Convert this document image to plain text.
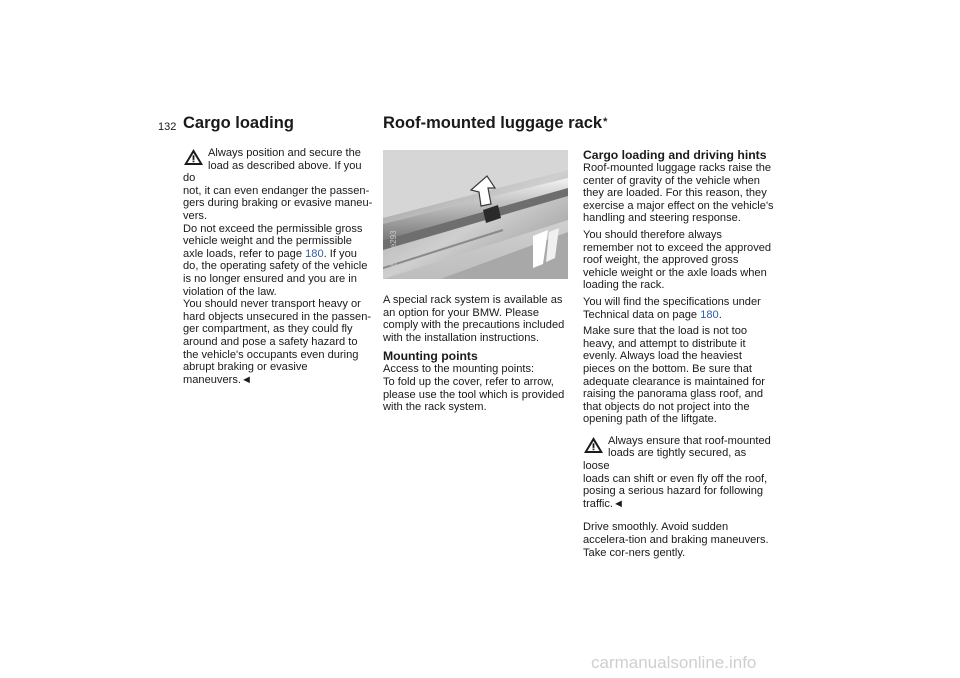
132 Cargo loading	Roof-mounted luggage rack*

Always position and secure the

load as described above. If you do

not, it can even endanger the passen-gers during braking or evasive maneu-vers.

Do not exceed the permissible gross vehicle weight and the permissible axle loads, refer to page 180. If you do, the operating safety of the vehicle is no longer ensured and you are in violation of the law.

You should never transport heavy or hard objects unsecured in the passen-ger compartment, as they could fly around and pose a safety hazard to the vehicle's occupants even during abrupt braking or evasive maneuvers.◄

530de293

A special rack system is available as an option for your BMW. Please comply with the precautions included with the installation instructions.

Mounting points

Access to the mounting points:

To fold up the cover, refer to arrow, please use the tool which is provided with the rack system.

Cargo loading and driving hints

Roof-mounted luggage racks raise the center of gravity of the vehicle when they are loaded. For this reason, they exercise a major effect on the vehicle's handling and steering response.

You should therefore always remember not to exceed the approved roof weight, the approved gross vehicle weight or the axle loads when loading the rack.

You will find the specifications under Technical data on page 180.

Make sure that the load is not too heavy, and attempt to distribute it evenly. Always load the heaviest pieces on the bottom. Be sure that adequate clearance is maintained for raising the panorama glass roof, and that objects do not project into the opening path of the liftgate.

Always ensure that roof-mounted

loads are tightly secured, as loose

loads can shift or even fly off the roof, posing a serious hazard for following traffic.◄

Drive smoothly. Avoid sudden accelera-tion and braking maneuvers. Take cor-ners gently.

carmanualsonline.info
